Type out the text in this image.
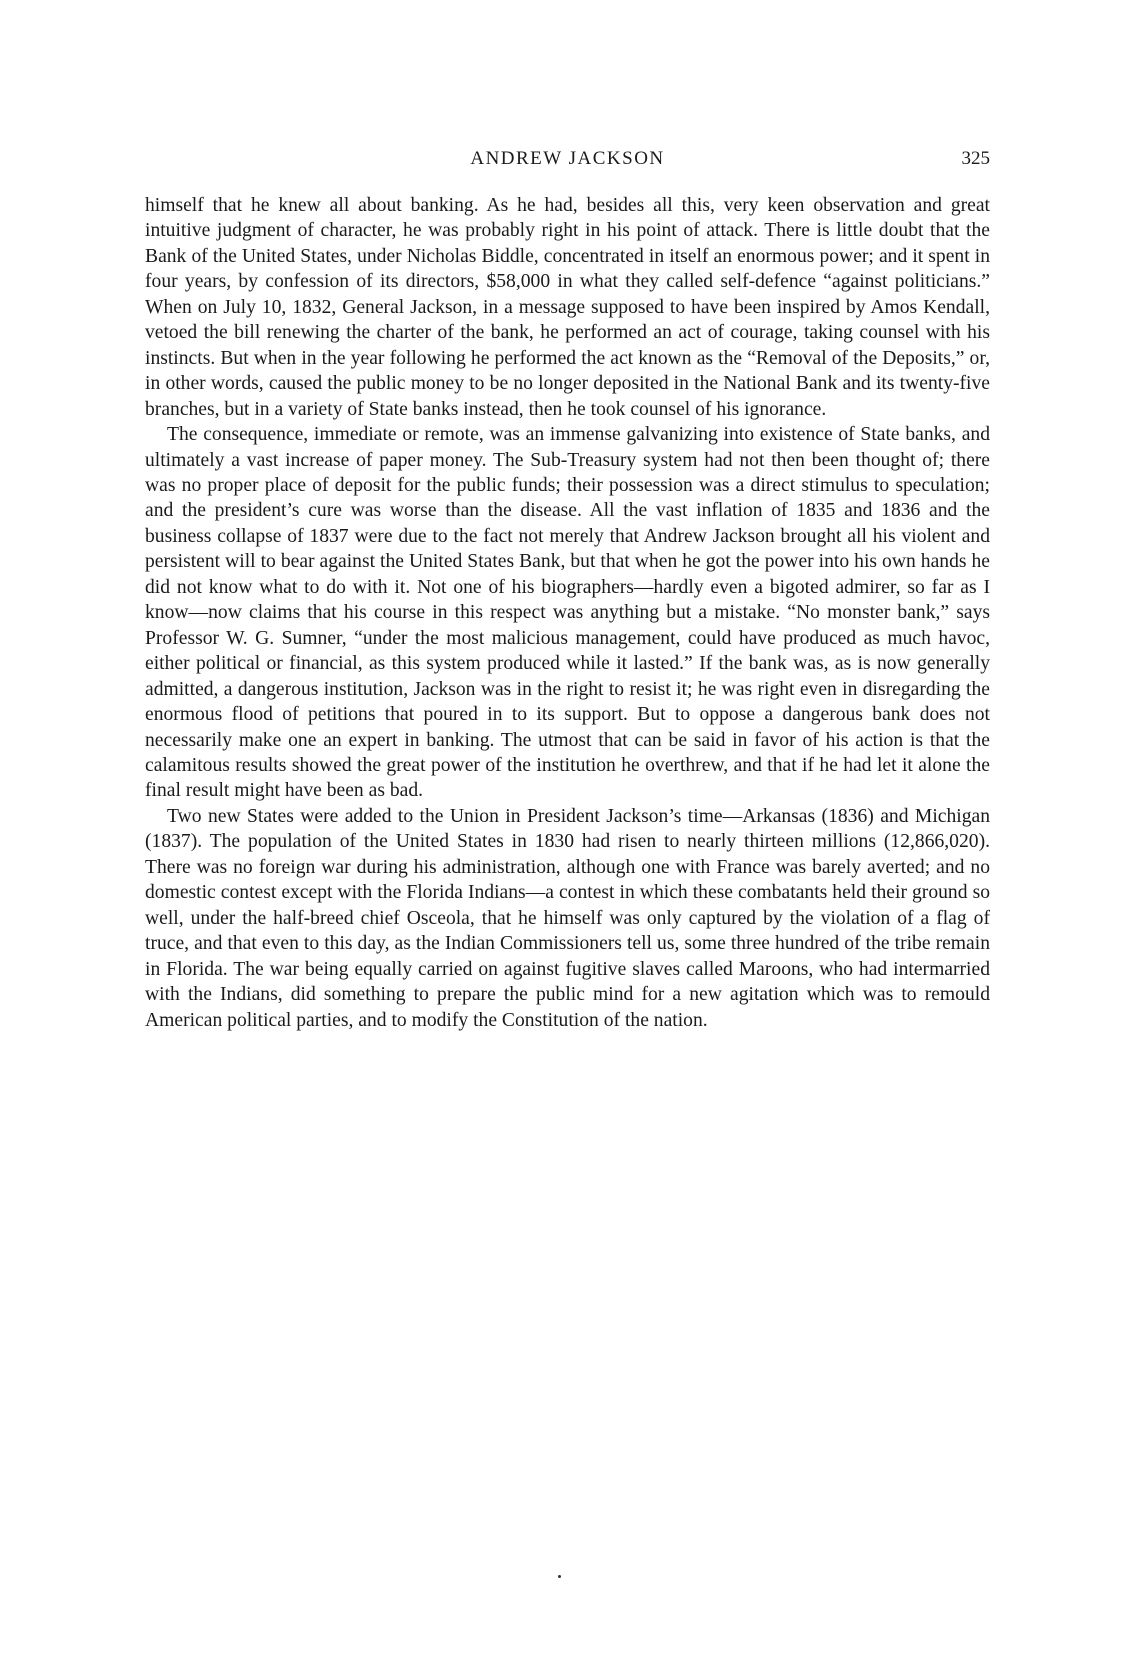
ANDREW JACKSON	325

himself that he knew all about banking. As he had, besides all this, very keen observation and great intuitive judgment of character, he was probably right in his point of attack. There is little doubt that the Bank of the United States, under Nicholas Biddle, concentrated in itself an enormous power; and it spent in four years, by confession of its directors, $58,000 in what they called self-defence “against politicians.” When on July 10, 1832, General Jackson, in a message supposed to have been inspired by Amos Kendall, vetoed the bill renewing the charter of the bank, he performed an act of courage, taking counsel with his instincts. But when in the year following he performed the act known as the “Removal of the Deposits,” or, in other words, caused the public money to be no longer deposited in the National Bank and its twenty-five branches, but in a variety of State banks instead, then he took counsel of his ignorance.

The consequence, immediate or remote, was an immense galvanizing into existence of State banks, and ultimately a vast increase of paper money. The Sub-Treasury system had not then been thought of; there was no proper place of deposit for the public funds; their possession was a direct stimulus to speculation; and the president’s cure was worse than the disease. All the vast inflation of 1835 and 1836 and the business collapse of 1837 were due to the fact not merely that Andrew Jackson brought all his violent and persistent will to bear against the United States Bank, but that when he got the power into his own hands he did not know what to do with it. Not one of his biographers—hardly even a bigoted admirer, so far as I know—now claims that his course in this respect was anything but a mistake. “No monster bank,” says Professor W. G. Sumner, “under the most malicious management, could have produced as much havoc, either political or financial, as this system produced while it lasted.” If the bank was, as is now generally admitted, a dangerous institution, Jackson was in the right to resist it; he was right even in disregarding the enormous flood of petitions that poured in to its support. But to oppose a dangerous bank does not necessarily make one an expert in banking. The utmost that can be said in favor of his action is that the calamitous results showed the great power of the institution he overthrew, and that if he had let it alone the final result might have been as bad.

Two new States were added to the Union in President Jackson’s time—Arkansas (1836) and Michigan (1837). The population of the United States in 1830 had risen to nearly thirteen millions (12,866,020). There was no foreign war during his administration, although one with France was barely averted; and no domestic contest except with the Florida Indians—a contest in which these combatants held their ground so well, under the half-breed chief Osceola, that he himself was only captured by the violation of a flag of truce, and that even to this day, as the Indian Commissioners tell us, some three hundred of the tribe remain in Florida. The war being equally carried on against fugitive slaves called Maroons, who had intermarried with the Indians, did something to prepare the public mind for a new agitation which was to remould American political parties, and to modify the Constitution of the nation.
